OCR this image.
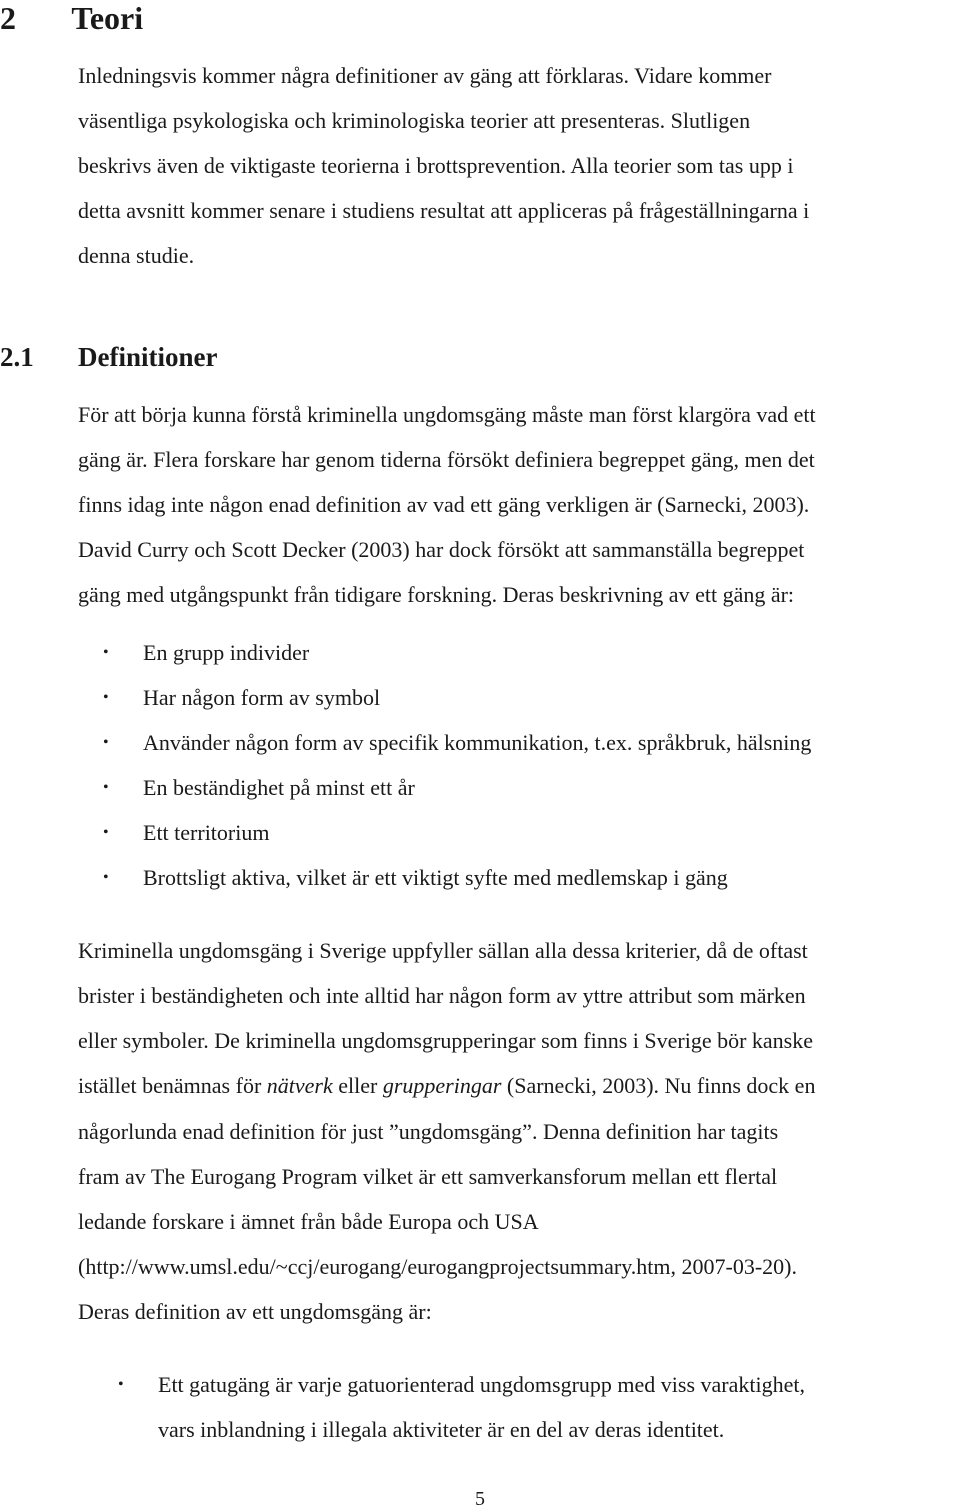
2 Teori
Inledningsvis kommer några definitioner av gäng att förklaras. Vidare kommer
väsentliga psykologiska och kriminologiska teorier att presenteras. Slutligen
beskrivs även de viktigaste teorierna i brottsprevention. Alla teorier som tas upp i
detta avsnitt kommer senare i studiens resultat att appliceras på frågeställningarna i
denna studie.
2.1 Definitioner
För att börja kunna förstå kriminella ungdomsgäng måste man först klargöra vad ett
gäng är. Flera forskare har genom tiderna försökt definiera begreppet gäng, men det
finns idag inte någon enad definition av vad ett gäng verkligen är (Sarnecki, 2003).
David Curry och Scott Decker (2003) har dock försökt att sammanställa begreppet
gäng med utgångspunkt från tidigare forskning. Deras beskrivning av ett gäng är:
• En grupp individer
• Har någon form av symbol
• Använder någon form av specifik kommunikation, t.ex. språkbruk, hälsning
• En beständighet på minst ett år
• Ett territorium
• Brottsligt aktiva, vilket är ett viktigt syfte med medlemskap i gäng
Kriminella ungdomsgäng i Sverige uppfyller sällan alla dessa kriterier, då de oftast
brister i beständigheten och inte alltid har någon form av yttre attribut som märken
eller symboler. De kriminella ungdomsgrupperingar som finns i Sverige bör kanske
istället benämnas för nätverk eller grupperingar (Sarnecki, 2003). Nu finns dock en
någorlunda enad definition för just ”ungdomsgäng”. Denna definition har tagits
fram av The Eurogang Program vilket är ett samverkansforum mellan ett flertal
ledande forskare i ämnet från både Europa och USA
(http://www.umsl.edu/~ccj/eurogang/eurogangprojectsummary.htm, 2007-03-20).
Deras definition av ett ungdomsgäng är:
• Ett gatugäng är varje gatuorienterad ungdomsgrupp med viss varaktighet,
vars inblandning i illegala aktiviteter är en del av deras identitet.
5
